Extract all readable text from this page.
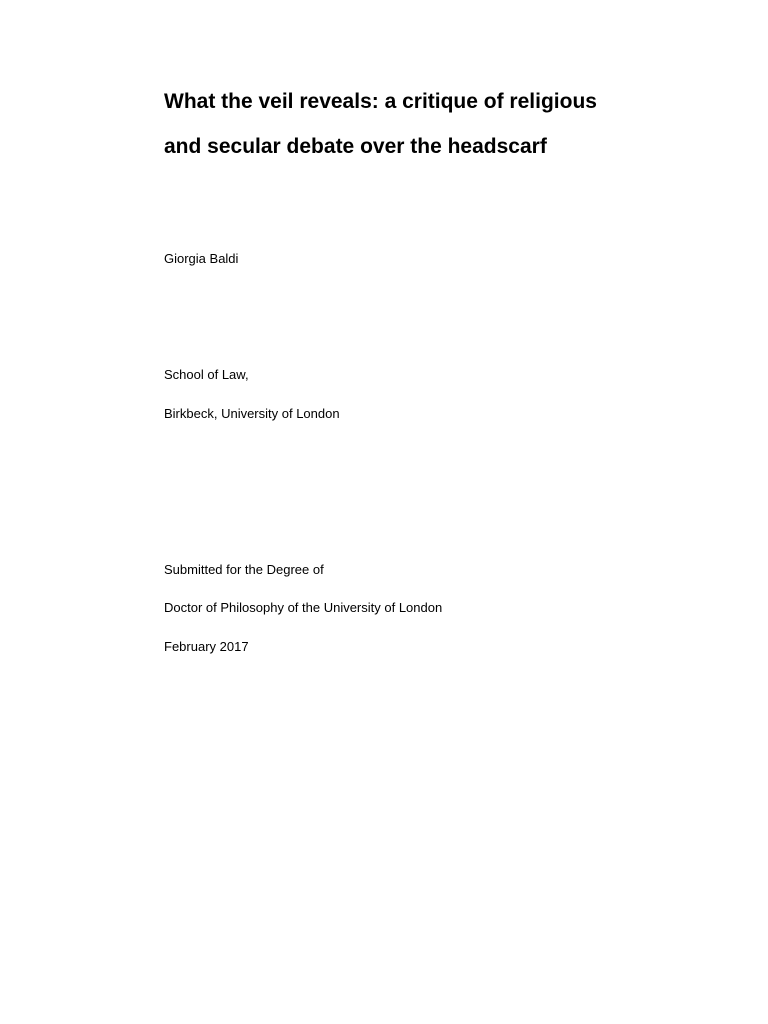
What the veil reveals: a critique of religious
and secular debate over the headscarf

Giorgia Baldi

School of Law,

Birkbeck, University of London

Submitted for the Degree of

Doctor of Philosophy of the University of London

February 2017
